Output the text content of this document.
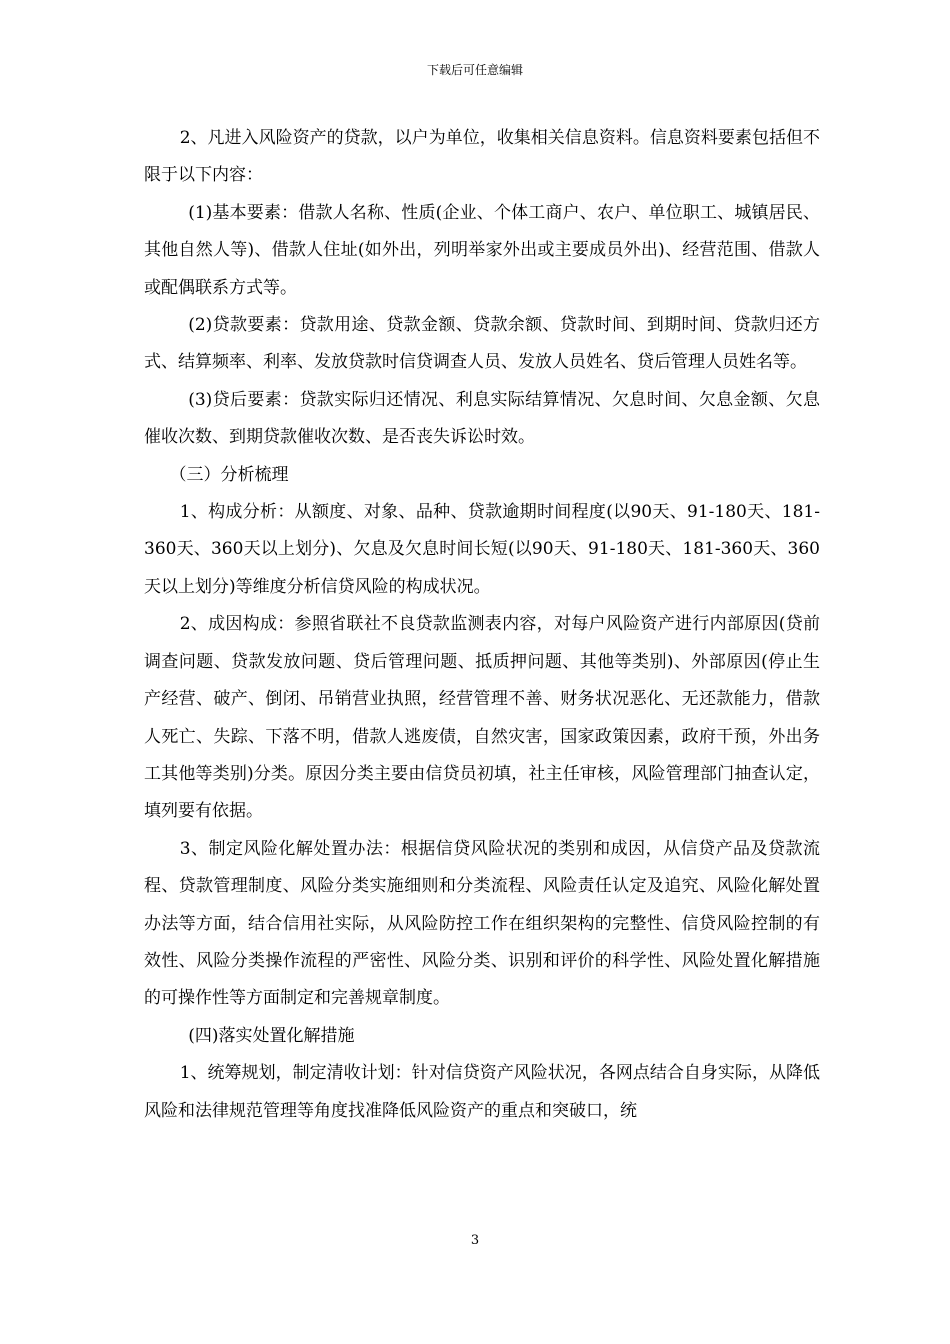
下载后可任意编辑

2、凡进入风险资产的贷款，以户为单位，收集相关信息资料。信息资料要素包括但不限于以下内容：

(1)基本要素：借款人名称、性质(企业、个体工商户、农户、单位职工、城镇居民、其他自然人等)、借款人住址(如外出，列明举家外出或主要成员外出)、经营范围、借款人或配偶联系方式等。

(2)贷款要素：贷款用途、贷款金额、贷款余额、贷款时间、到期时间、贷款归还方式、结算频率、利率、发放贷款时信贷调查人员、发放人员姓名、贷后管理人员姓名等。

(3)贷后要素：贷款实际归还情况、利息实际结算情况、欠息时间、欠息金额、欠息催收次数、到期贷款催收次数、是否丧失诉讼时效。

（三）分析梳理

1、构成分析：从额度、对象、品种、贷款逾期时间程度(以90天、91-180天、181-360天、360天以上划分)、欠息及欠息时间长短(以90天、91-180天、181-360天、360天以上划分)等维度分析信贷风险的构成状况。

2、成因构成：参照省联社不良贷款监测表内容，对每户风险资产进行内部原因(贷前调查问题、贷款发放问题、贷后管理问题、抵质押问题、其他等类别)、外部原因(停止生产经营、破产、倒闭、吊销营业执照，经营管理不善、财务状况恶化、无还款能力，借款人死亡、失踪、下落不明，借款人逃废债，自然灾害，国家政策因素，政府干预，外出务工其他等类别)分类。原因分类主要由信贷员初填，社主任审核，风险管理部门抽查认定，填列要有依据。

3、制定风险化解处置办法：根据信贷风险状况的类别和成因，从信贷产品及贷款流程、贷款管理制度、风险分类实施细则和分类流程、风险责任认定及追究、风险化解处置办法等方面，结合信用社实际，从风险防控工作在组织架构的完整性、信贷风险控制的有效性、风险分类操作流程的严密性、风险分类、识别和评价的科学性、风险处置化解措施的可操作性等方面制定和完善规章制度。

(四)落实处置化解措施

1、统筹规划，制定清收计划：针对信贷资产风险状况，各网点结合自身实际，从降低风险和法律规范管理等角度找准降低风险资产的重点和突破口，统

3
